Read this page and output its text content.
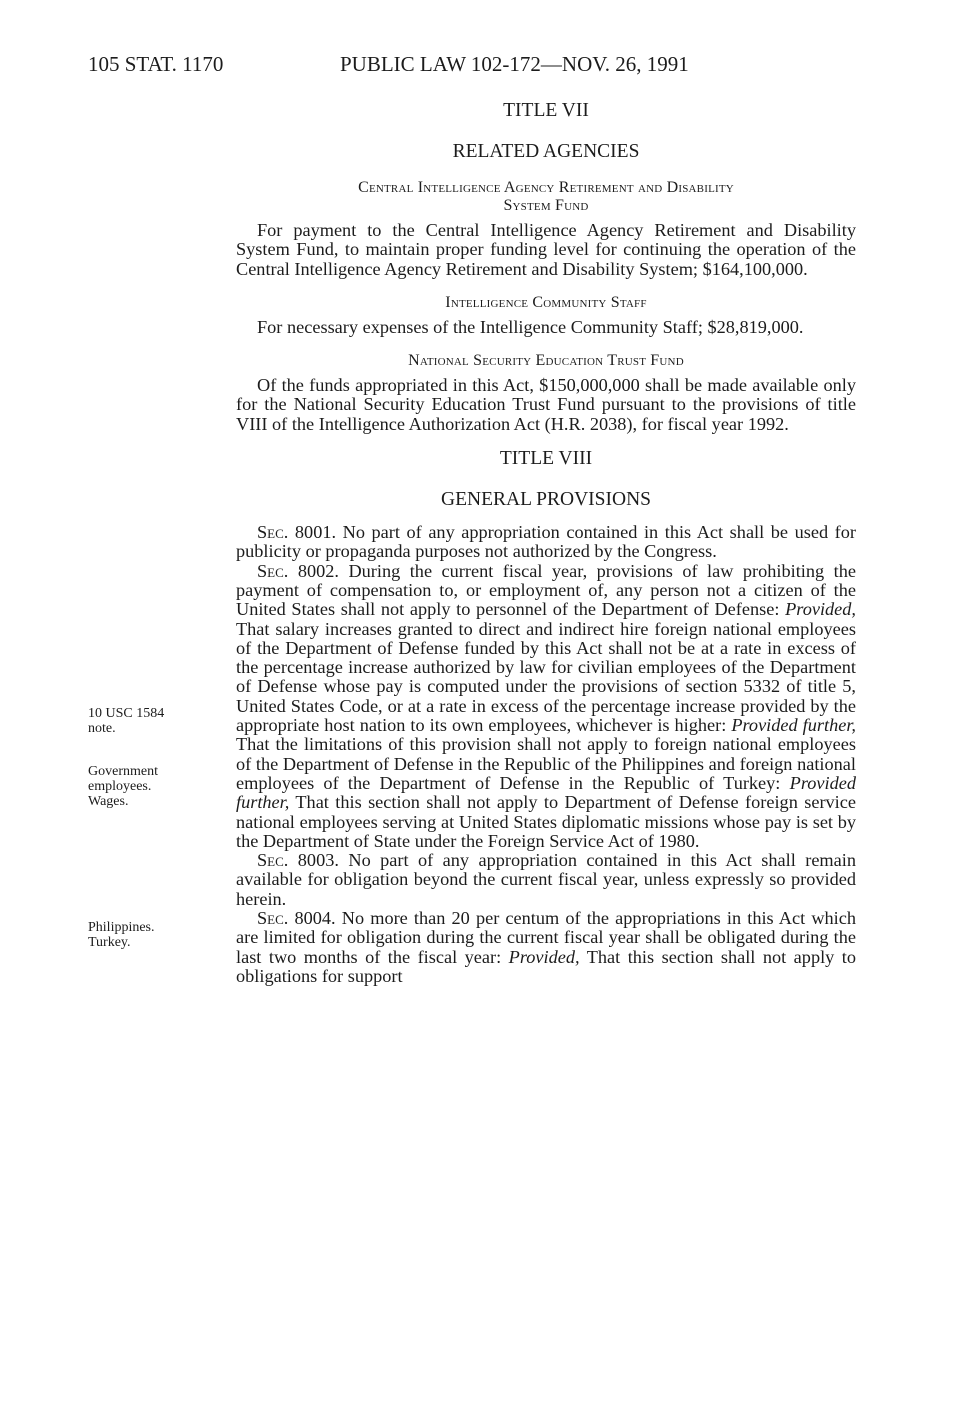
105 STAT. 1170	PUBLIC LAW 102-172—NOV. 26, 1991
10 USC 1584
note.
Government
employees.
Wages.
Philippines.
Turkey.
TITLE VII
RELATED AGENCIES
Central Intelligence Agency Retirement and Disability
System Fund

For payment to the Central Intelligence Agency Retirement and Disability System Fund, to maintain proper funding level for continuing the operation of the Central Intelligence Agency Retirement and Disability System; $164,100,000.

Intelligence Community Staff

For necessary expenses of the Intelligence Community Staff; $28,819,000.

National Security Education Trust Fund

Of the funds appropriated in this Act, $150,000,000 shall be made available only for the National Security Education Trust Fund pursuant to the provisions of title VIII of the Intelligence Authorization Act (H.R. 2038), for fiscal year 1992.

TITLE VIII
GENERAL PROVISIONS

Sec. 8001. No part of any appropriation contained in this Act shall be used for publicity or propaganda purposes not authorized by the Congress.

Sec. 8002. During the current fiscal year, provisions of law prohibiting the payment of compensation to, or employment of, any person not a citizen of the United States shall not apply to personnel of the Department of Defense: Provided, That salary increases granted to direct and indirect hire foreign national employees of the Department of Defense funded by this Act shall not be at a rate in excess of the percentage increase authorized by law for civilian employees of the Department of Defense whose pay is computed under the provisions of section 5332 of title 5, United States Code, or at a rate in excess of the percentage increase provided by the appropriate host nation to its own employees, whichever is higher: Provided further, That the limitations of this provision shall not apply to foreign national employees of the Department of Defense in the Republic of the Philippines and foreign national employees of the Department of Defense in the Republic of Turkey: Provided further, That this section shall not apply to Department of Defense foreign service national employees serving at United States diplomatic missions whose pay is set by the Department of State under the Foreign Service Act of 1980.

Sec. 8003. No part of any appropriation contained in this Act shall remain available for obligation beyond the current fiscal year, unless expressly so provided herein.

Sec. 8004. No more than 20 per centum of the appropriations in this Act which are limited for obligation during the current fiscal year shall be obligated during the last two months of the fiscal year: Provided, That this section shall not apply to obligations for support
